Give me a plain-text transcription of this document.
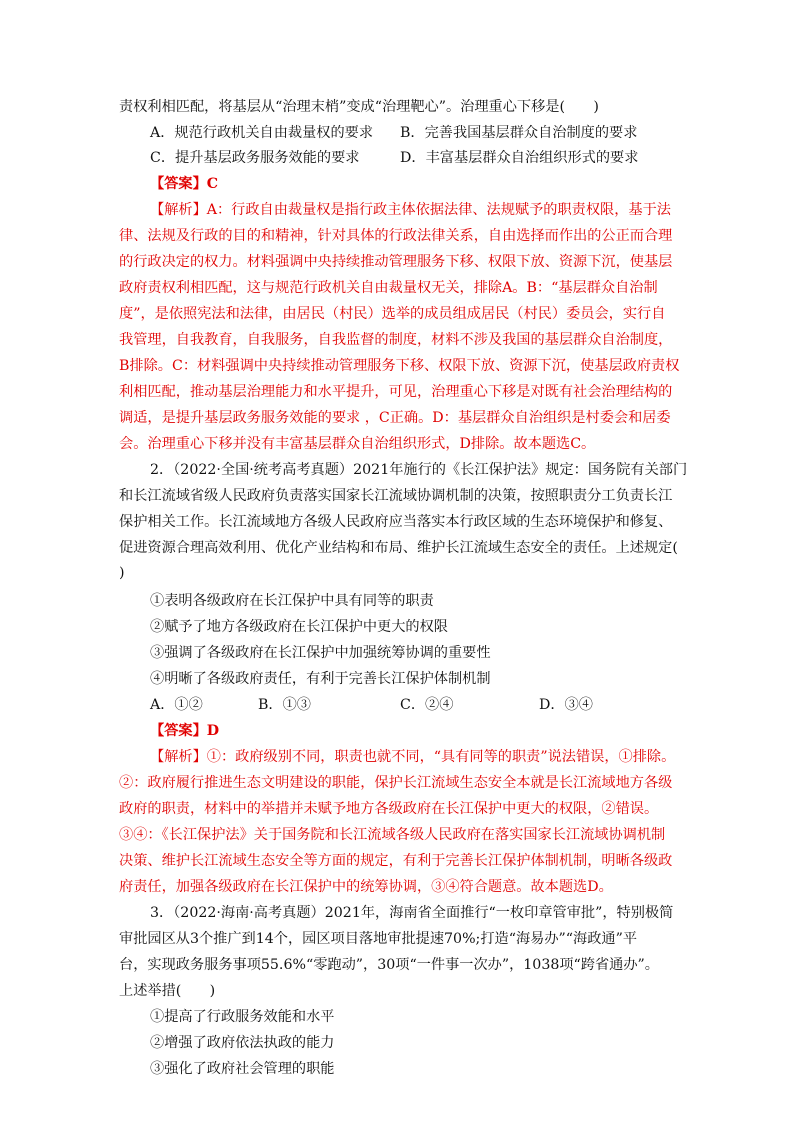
责权利相匹配，将基层从“治理末梢”变成“治理靶心”。治理重心下移是(　　)
A．规范行政机关自由裁量权的要求 B．完善我国基层群众自治制度的要求
C．提升基层政务服务效能的要求	D．丰富基层群众自治组织形式的要求
【答案】C
【解析】A：行政自由裁量权是指行政主体依据法律、法规赋予的职责权限，基于法
律、法规及行政的目的和精神，针对具体的行政法律关系，自由选择而作出的公正而合理
的行政决定的权力。材料强调中央持续推动管理服务下移、权限下放、资源下沉，使基层
政府责权利相匹配，这与规范行政机关自由裁量权无关，排除A。B：“基层群众自治制
度”，是依照宪法和法律，由居民（村民）选举的成员组成居民（村民）委员会，实行自
我管理，自我教育，自我服务，自我监督的制度，材料不涉及我国的基层群众自治制度，
B排除。C：材料强调中央持续推动管理服务下移、权限下放、资源下沉，使基层政府责权
利相匹配，推动基层治理能力和水平提升，可见，治理重心下移是对既有社会治理结构的
调适，是提升基层政务服务效能的要求 ，C正确。D：基层群众自治组织是村委会和居委
会。治理重心下移并没有丰富基层群众自治组织形式，D排除。故本题选C。
2．（2022·全国·统考高考真题）2021年施行的《长江保护法》规定：国务院有关部门
和长江流域省级人民政府负责落实国家长江流域协调机制的决策，按照职责分工负责长江
保护相关工作。长江流域地方各级人民政府应当落实本行政区域的生态环境保护和修复、
促进资源合理高效利用、优化产业结构和布局、维护长江流域生态安全的责任。上述规定(
)
①表明各级政府在长江保护中具有同等的职责
②赋予了地方各级政府在长江保护中更大的权限
③强调了各级政府在长江保护中加强统筹协调的重要性
④明晰了各级政府责任，有利于完善长江保护体制机制
A．①②	B．①③	C．②④	D．③④
【答案】D
【解析】①：政府级别不同，职责也就不同，“具有同等的职责”说法错误，①排除。
②：政府履行推进生态文明建设的职能，保护长江流域生态安全本就是长江流域地方各级
政府的职责，材料中的举措并未赋予地方各级政府在长江保护中更大的权限，②错误。
③④：《长江保护法》关于国务院和长江流域各级人民政府在落实国家长江流域协调机制
决策、维护长江流域生态安全等方面的规定，有利于完善长江保护体制机制，明晰各级政
府责任，加强各级政府在长江保护中的统筹协调，③④符合题意。故本题选D。
3．（2022·海南·高考真题）2021年，海南省全面推行“一枚印章管审批”，特别极简
审批园区从3个推广到14个，园区项目落地审批提速70%;打造“海易办”“海政通”平
台，实现政务服务事项55.6%“零跑动”，30项“一件事一次办”，1038项“跨省通办”。
上述举措(　　)
①提高了行政服务效能和水平
②增强了政府依法执政的能力
③强化了政府社会管理的职能
